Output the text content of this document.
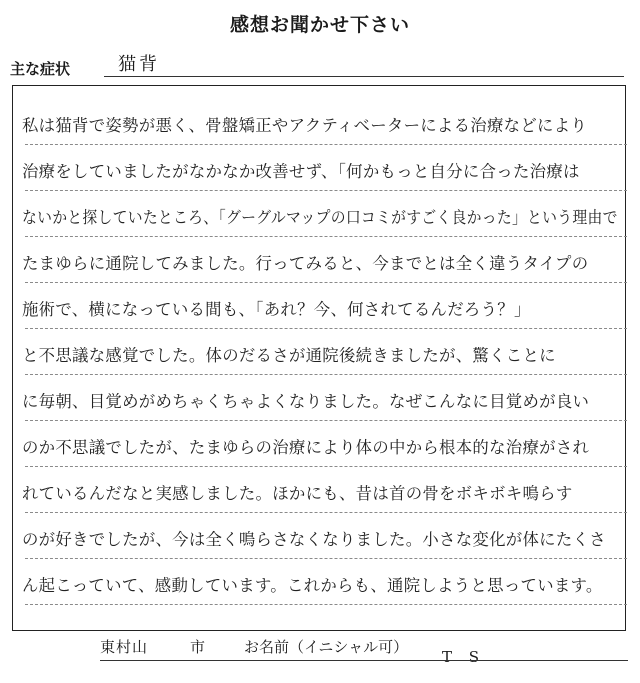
感想お聞かせ下さい
主な症状	猫背
私は猫背で姿勢が悪く、骨盤矯正やアクティベーターによる治療などにより
治療をしていましたがなかなか改善せず、「何かもっと自分に合った治療は
ないかと探していたところ、「グーグルマップの口コミがすごく良かった」という理由で
たまゆらに通院してみました。行ってみると、今までとは全く違うタイプの
施術で、横になっている間も、「あれ？今、何されてるんだろう？」
と不思議な感覚でした。体のだるさが通院後続きましたが、驚くことに
に毎朝、目覚めがめちゃくちゃよくなりました。なぜこんなに目覚めが良い
のか不思議でしたが、たまゆらの治療により体の中から根本的な治療がされ
れているんだなと実感しました。ほかにも、昔は首の骨をボキボキ鳴らす
のが好きでしたが、今は全く鳴らさなくなりました。小さな変化が体にたくさ
ん起こっていて、感動しています。これからも、通院しようと思っています。
東村山	市	お名前（イニシャル可）
T S
